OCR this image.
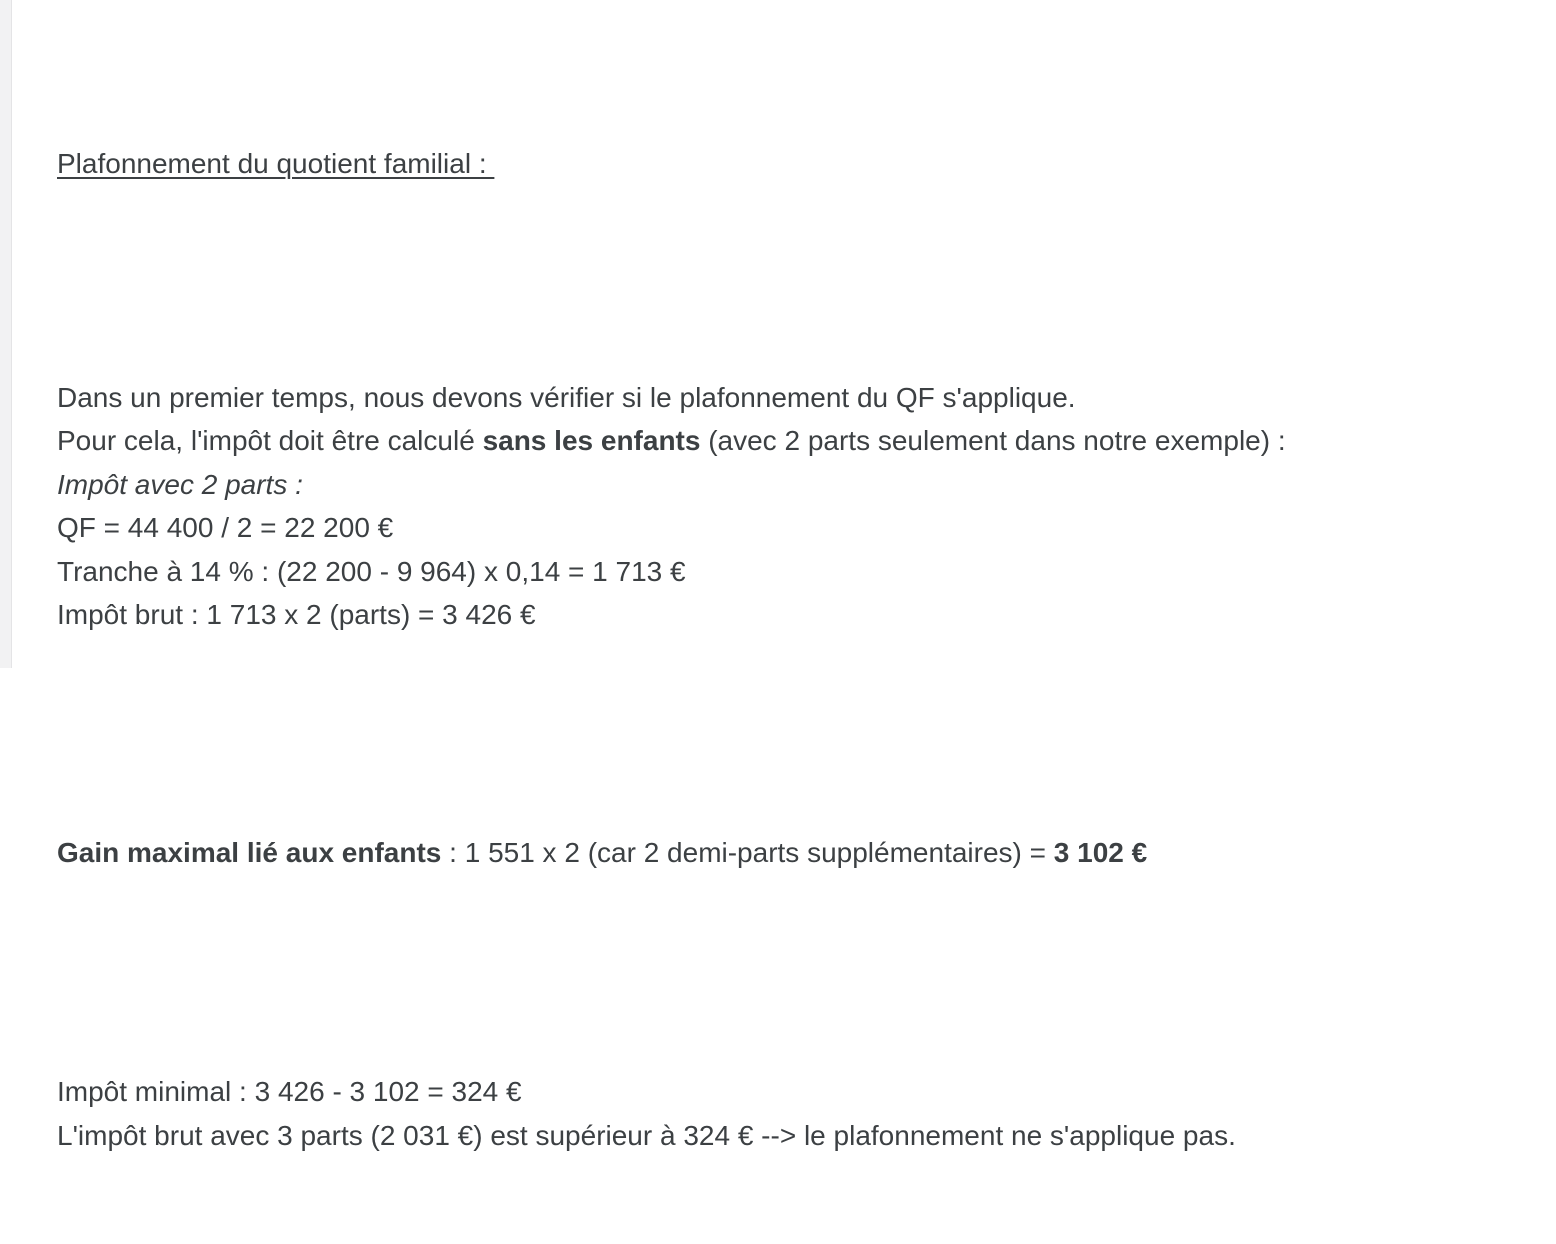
Plafonnement du quotient familial :

Dans un premier temps, nous devons vérifier si le plafonnement du QF s'applique.
Pour cela, l'impôt doit être calculé sans les enfants (avec 2 parts seulement dans notre exemple) :
Impôt avec 2 parts :
QF = 44 400 / 2 = 22 200 €
Tranche à 14 % : (22 200 - 9 964) x 0,14 = 1 713 €
Impôt brut : 1 713 x 2 (parts) = 3 426 €

Gain maximal lié aux enfants : 1 551 x 2 (car 2 demi-parts supplémentaires) = 3 102 €

Impôt minimal : 3 426 - 3 102 = 324 €
L'impôt brut avec 3 parts (2 031 €) est supérieur à 324 € --> le plafonnement ne s'applique pas.
